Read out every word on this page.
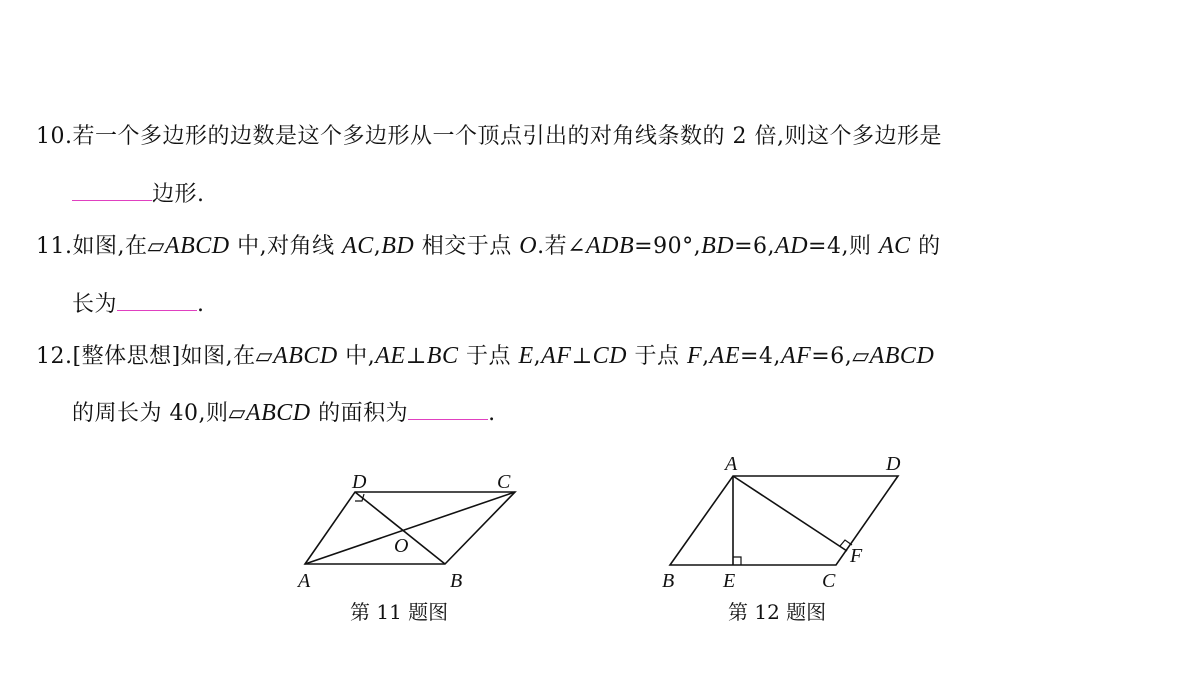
10.若一个多边形的边数是这个多边形从一个顶点引出的对角线条数的 2 倍,则这个多边形是
边形.
11.如图,在▱ABCD 中,对角线 AC,BD 相交于点 O.若∠ADB=90°,BD=6,AD=4,则 AC 的
长为	.
12.[整体思想]如图,在▱ABCD 中,AE⊥BC 于点 E,AF⊥CD 于点 F,AE=4,AF=6,▱ABCD
的周长为 40,则▱ABCD 的面积为	.
D	C
O
A	B
第 11 题图
A	D
F
B E	C
第 12 题图
